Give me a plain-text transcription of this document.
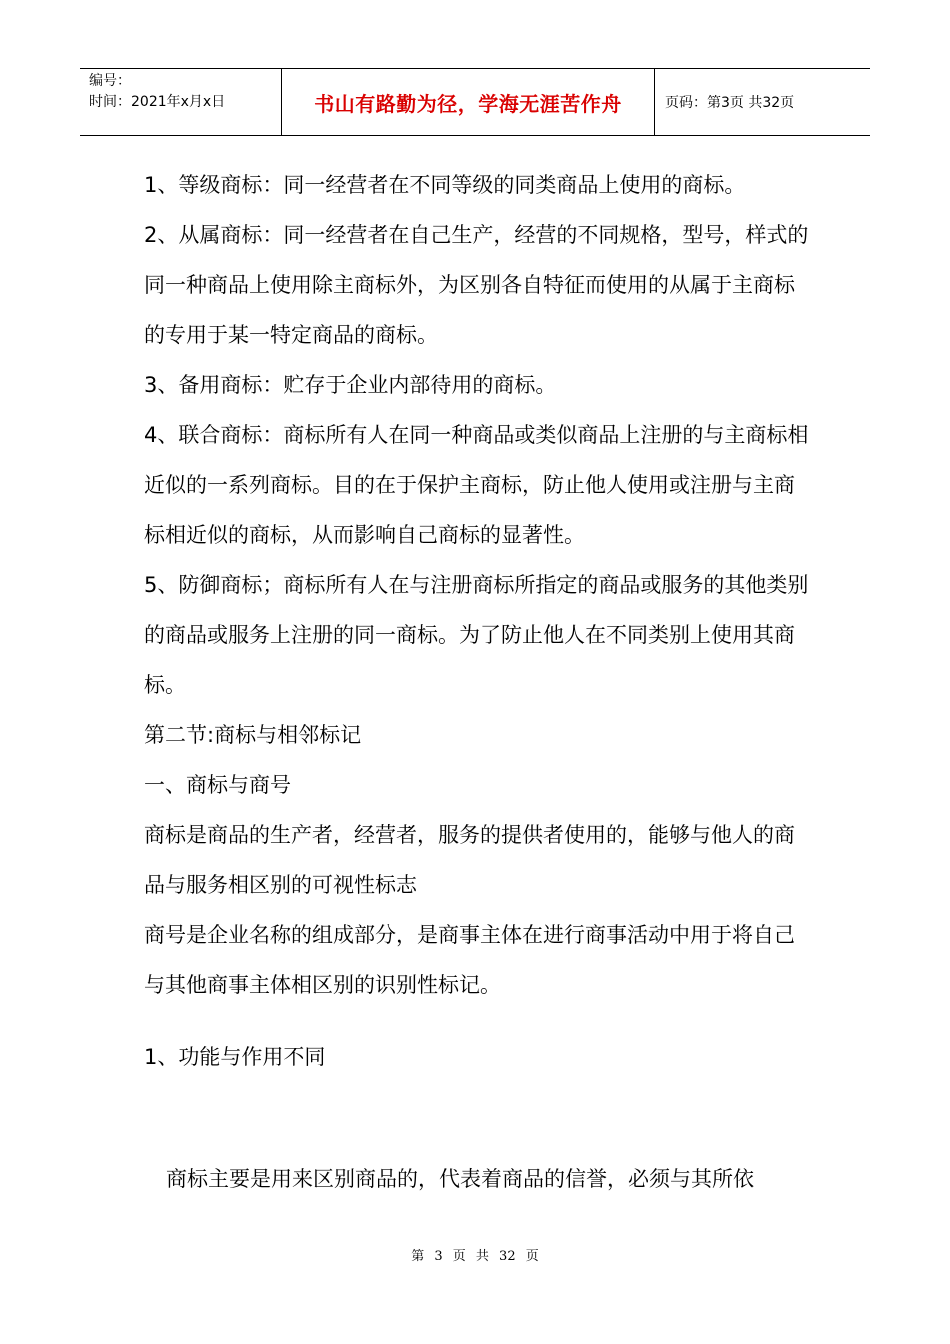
编号：
时间：2021年x月x日	书山有路勤为径，学海无涯苦作舟	页码：第3页 共32页

1、等级商标：同一经营者在不同等级的同类商品上使用的商标。

2、从属商标：同一经营者在自己生产，经营的不同规格，型号，样式的同一种商品上使用除主商标外，为区别各自特征而使用的从属于主商标的专用于某一特定商品的商标。

3、备用商标：贮存于企业内部待用的商标。

4、联合商标：商标所有人在同一种商品或类似商品上注册的与主商标相近似的一系列商标。目的在于保护主商标，防止他人使用或注册与主商标相近似的商标，从而影响自己商标的显著性。

5、防御商标；商标所有人在与注册商标所指定的商品或服务的其他类别的商品或服务上注册的同一商标。为了防止他人在不同类别上使用其商标。

第二节:商标与相邻标记

一、商标与商号

商标是商品的生产者，经营者，服务的提供者使用的，能够与他人的商品与服务相区别的可视性标志

商号是企业名称的组成部分，是商事主体在进行商事活动中用于将自己与其他商事主体相区别的识别性标记。

1、功能与作用不同

商标主要是用来区别商品的，代表着商品的信誉，必须与其所依

第 3 页 共 32 页
